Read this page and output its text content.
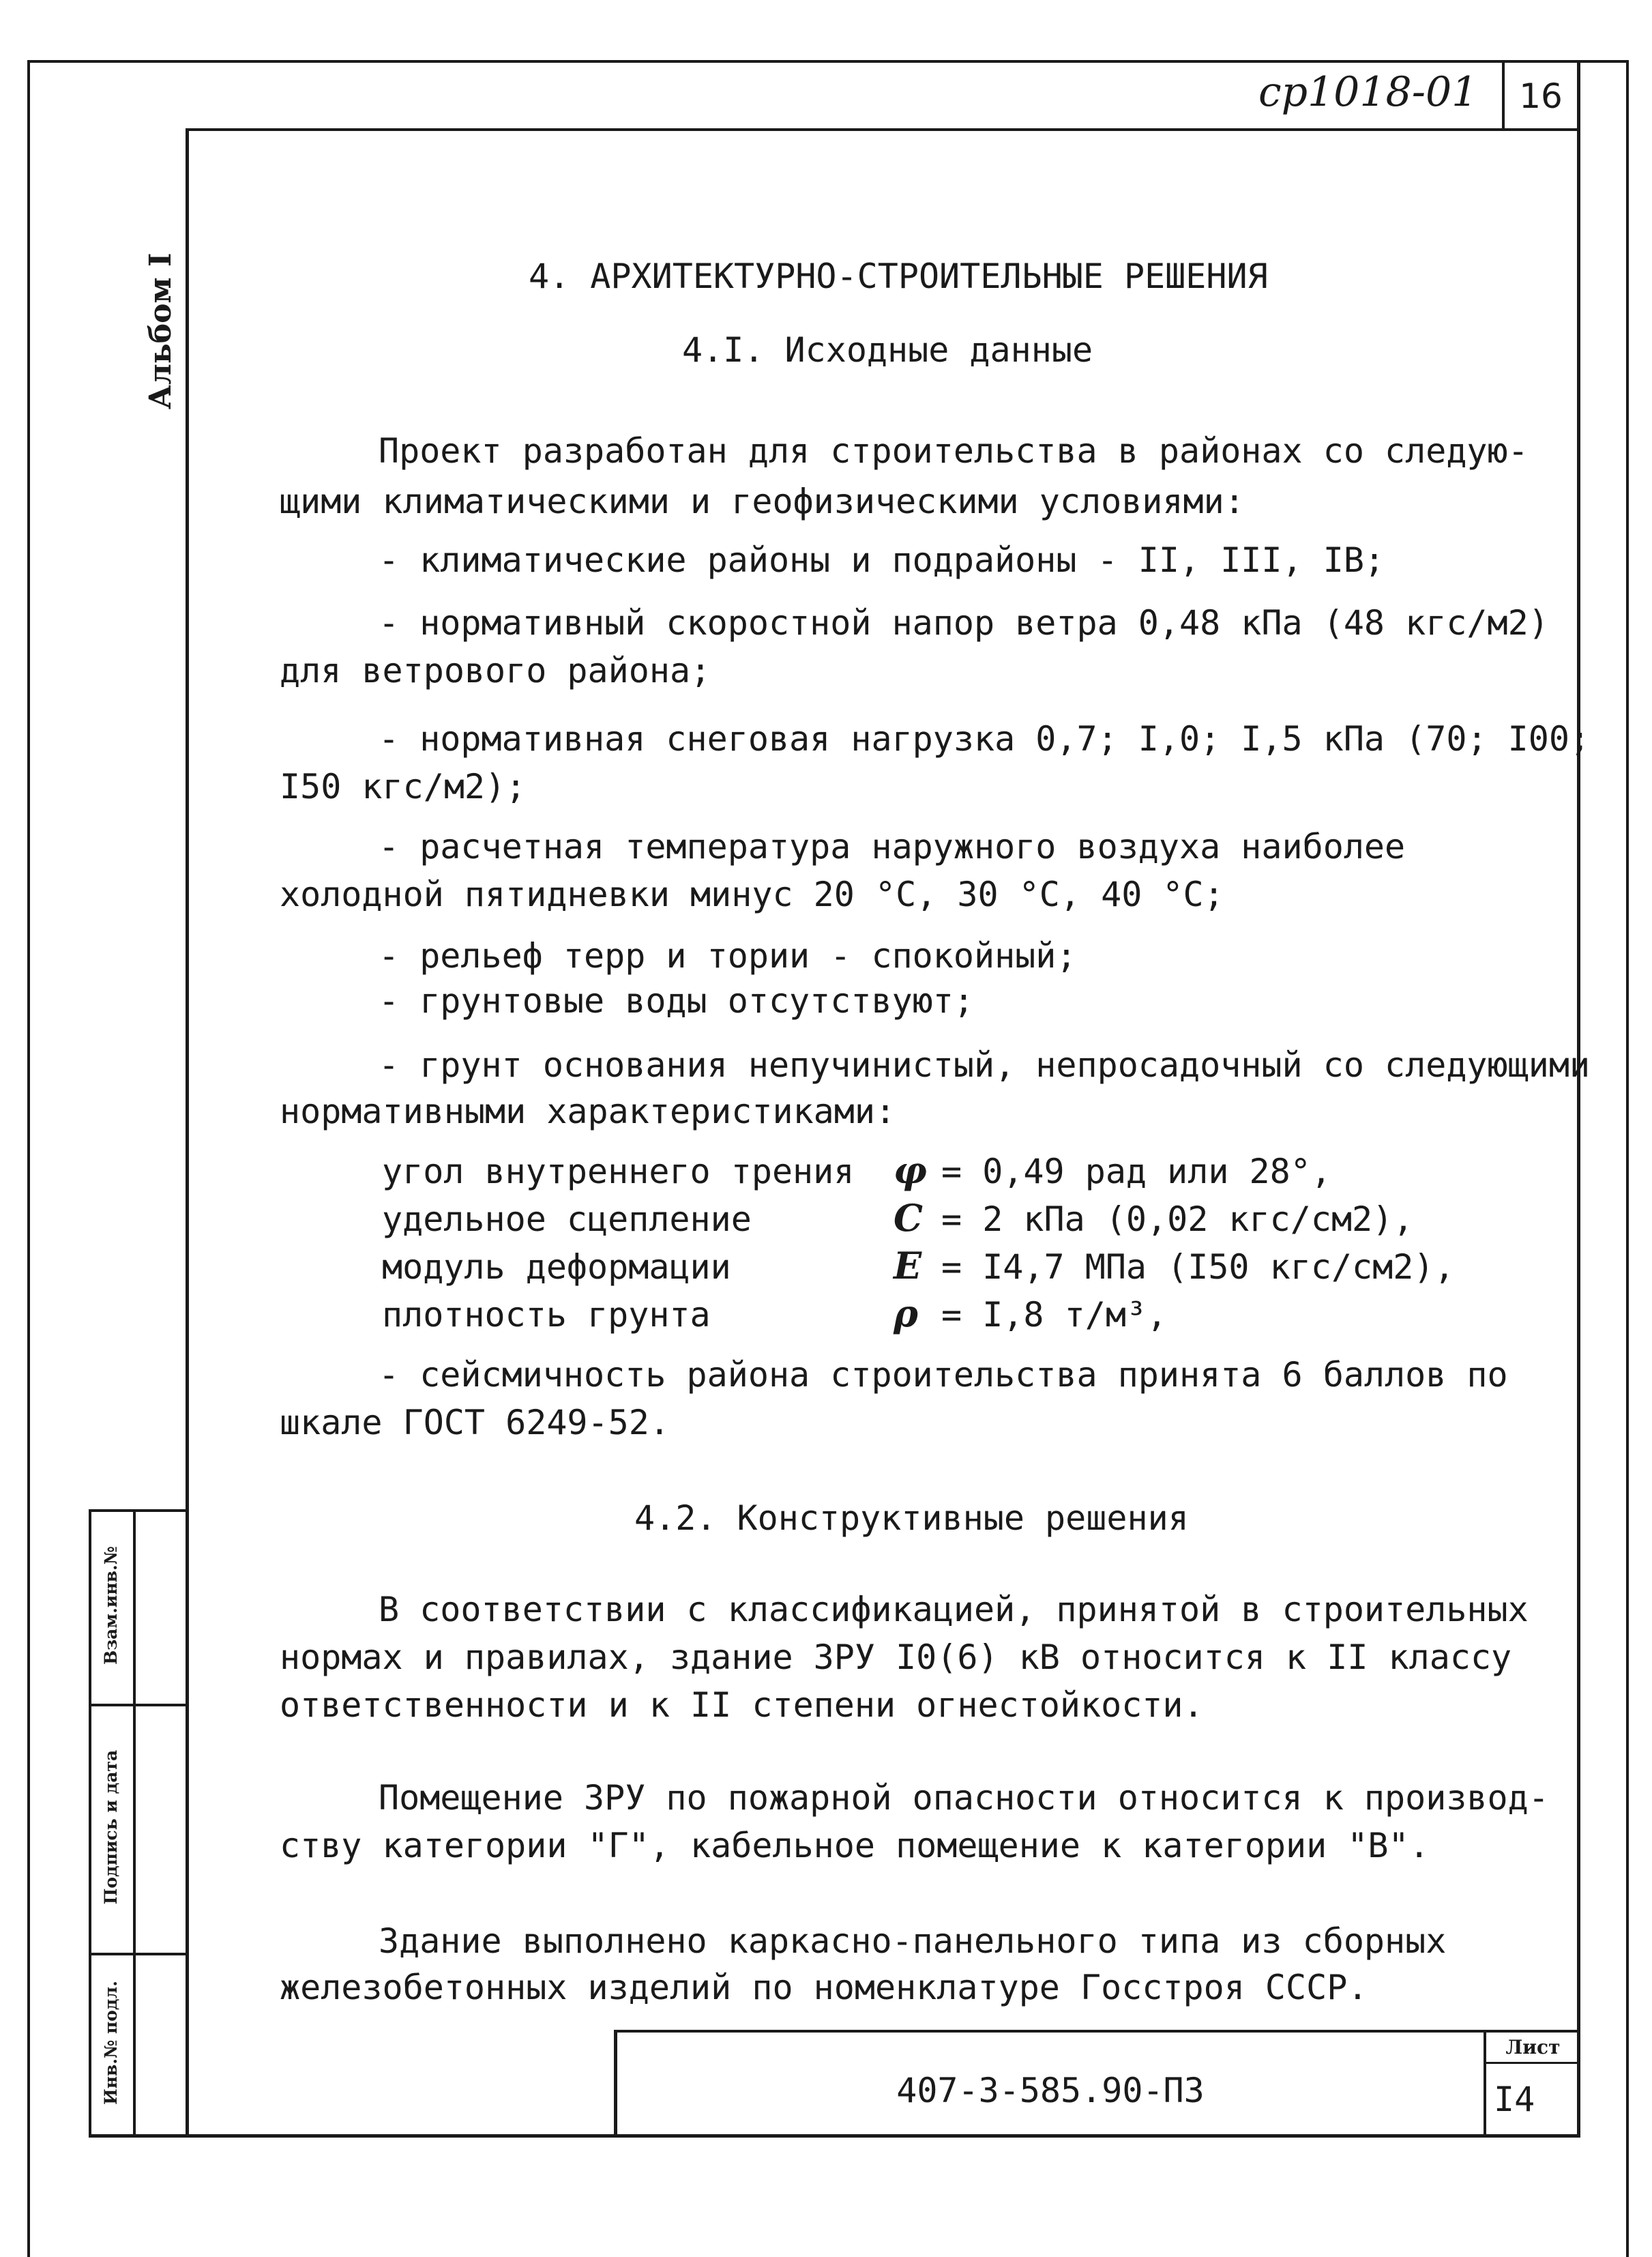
ср1018-01	16
Альбом I
Взам.инв.№
Подпись и дата
Инв.№ подл.
4. АРХИТЕКТУРНО-СТРОИТЕЛЬНЫЕ РЕШЕНИЯ
4.I. Исходные данные
Проект разработан для строительства в районах со следую-
щими климатическими и геофизическими условиями:
- климатические районы и подрайоны - II, III, IВ;
- нормативный скоростной напор ветра 0,48 кПа (48 кгс/м2)
для ветрового района;
- нормативная снеговая нагрузка 0,7; I,0; I,5 кПа (70; I00;
I50 кгс/м2);
- расчетная температура наружного воздуха наиболее
холодной пятидневки минус 20 °С, 30 °С, 40 °С;
- рельеф терр и тории - спокойный;
- грунтовые воды отсутствуют;
- грунт основания непучинистый, непросадочный со следующими
нормативными характеристиками:
угол внутреннего трения φ = 0,49 рад или 28°,
удельное сцепление	C = 2 кПа (0,02 кгс/см2),
модуль деформации	E = I4,7 МПа (I50 кгс/см2),
плотность грунта	ρ = I,8 т/м³,
- сейсмичность района строительства принята 6 баллов по
шкале ГОСТ 6249-52.
4.2. Конструктивные решения
В соответствии с классификацией, принятой в строительных
нормах и правилах, здание ЗРУ I0(6) кВ относится к II классу
ответственности и к II степени огнестойкости.
Помещение ЗРУ по пожарной опасности относится к производ-
ству категории "Г", кабельное помещение к категории "В".
Здание выполнено каркасно-панельного типа из сборных
железобетонных изделий по номенклатуре Госстроя СССР.
407-3-585.90-ПЗ
Лист
I4
